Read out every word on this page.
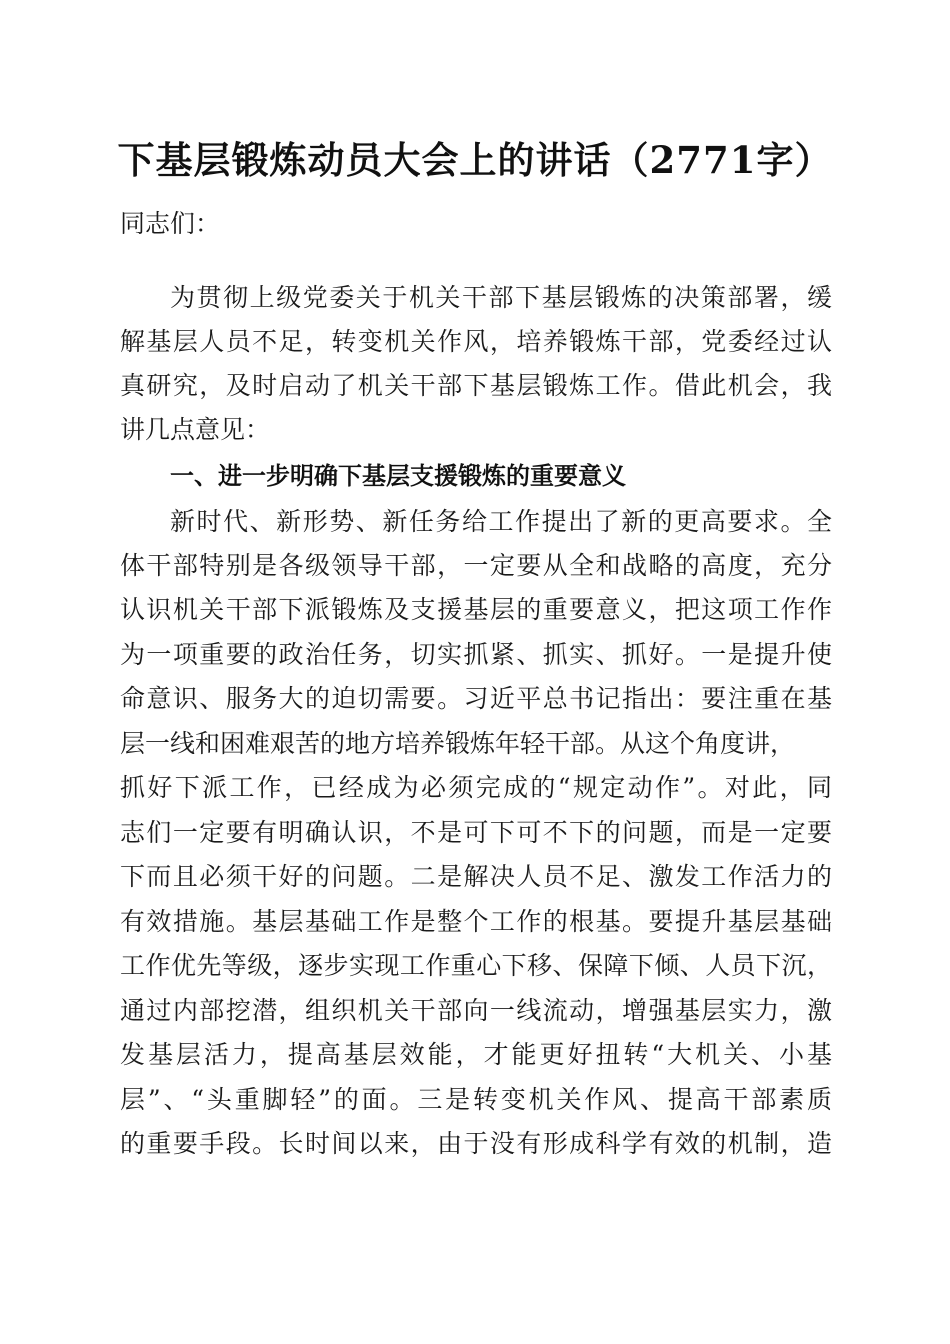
下基层锻炼动员大会上的讲话（2771字）

同志们：

为贯彻上级党委关于机关干部下基层锻炼的决策部署，缓

解基层人员不足，转变机关作风，培养锻炼干部，党委经过认

真研究，及时启动了机关干部下基层锻炼工作。借此机会，我

讲几点意见：

一、进一步明确下基层支援锻炼的重要意义

新时代、新形势、新任务给工作提出了新的更高要求。全

体干部特别是各级领导干部，一定要从全和战略的高度，充分

认识机关干部下派锻炼及支援基层的重要意义，把这项工作作

为一项重要的政治任务，切实抓紧、抓实、抓好。一是提升使

命意识、服务大的迫切需要。习近平总书记指出：要注重在基

层一线和困难艰苦的地方培养锻炼年轻干部。从这个角度讲，

抓好下派工作，已经成为必须完成的“规定动作”。对此，同

志们一定要有明确认识，不是可下可不下的问题，而是一定要

下而且必须干好的问题。二是解决人员不足、激发工作活力的

有效措施。基层基础工作是整个工作的根基。要提升基层基础

工作优先等级，逐步实现工作重心下移、保障下倾、人员下沉，

通过内部挖潜，组织机关干部向一线流动，增强基层实力，激

发基层活力，提高基层效能，才能更好扭转“大机关、小基

层”、“头重脚轻”的面。三是转变机关作风、提高干部素质

的重要手段。长时间以来，由于没有形成科学有效的机制，造
